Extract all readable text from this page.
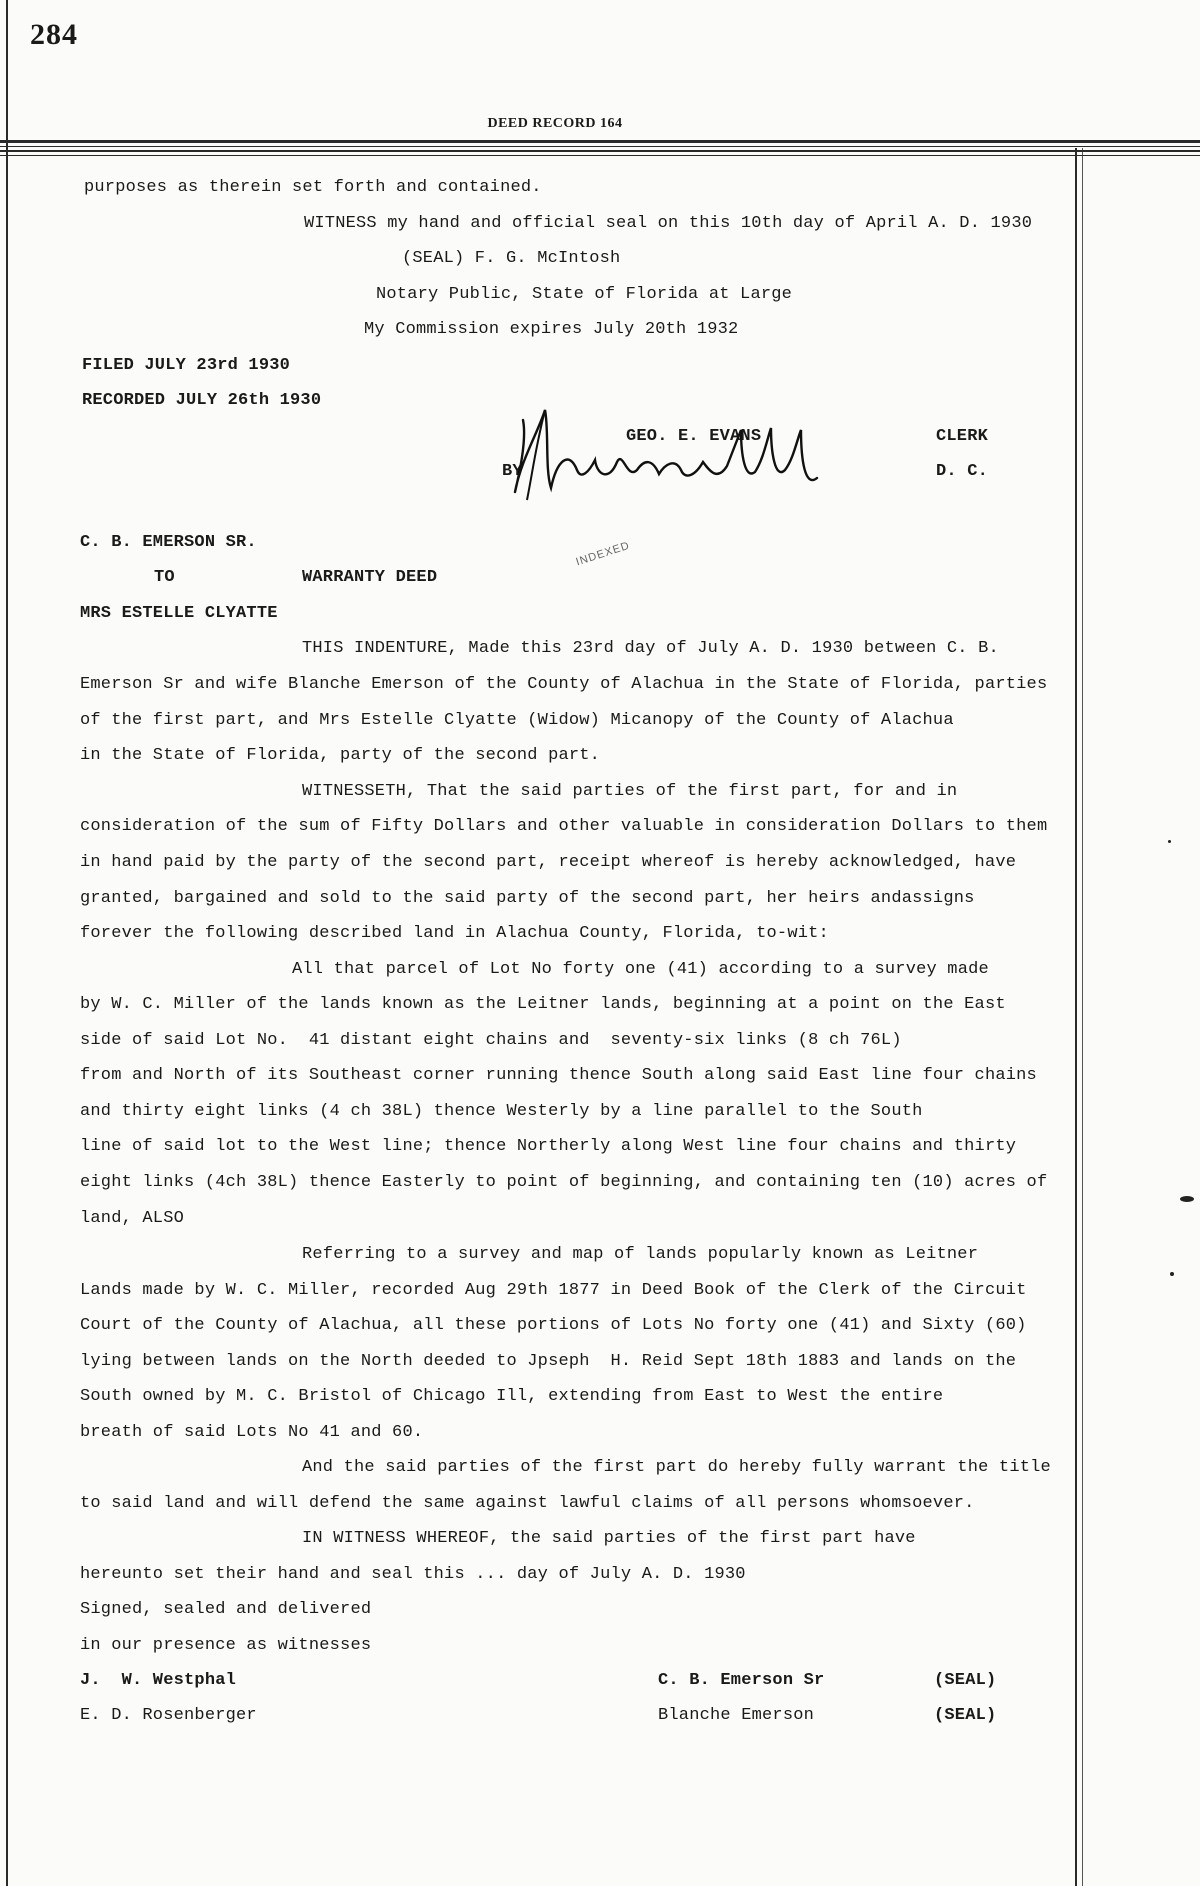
284
DEED RECORD 164
purposes as therein set forth and contained.
WITNESS my hand and official seal on this 10th day of April A. D. 1930
(SEAL) F. G. McIntosh
Notary Public, State of Florida at Large
My Commission expires July 20th 1932
FILED JULY 23rd 1930
RECORDED JULY 26th 1930
GEO. E. EVANS	CLERK
BY	D. C.
C. B. EMERSON SR.
TO	WARRANTY DEED
MRS ESTELLE CLYATTE
INDEXED
THIS INDENTURE, Made this 23rd day of July A. D. 1930 between C. B.
Emerson Sr and wife Blanche Emerson of the County of Alachua in the State of Florida, parties
of the first part, and Mrs Estelle Clyatte (Widow) Micanopy of the County of Alachua
in the State of Florida, party of the second part.
WITNESSETH, That the said parties of the first part, for and in
consideration of the sum of Fifty Dollars and other valuable in consideration Dollars to them
in hand paid by the party of the second part, receipt whereof is hereby acknowledged, have
granted, bargained and sold to the said party of the second part, her heirs andassigns
forever the following described land in Alachua County, Florida, to-wit:
All that parcel of Lot No forty one (41) according to a survey made
by W. C. Miller of the lands known as the Leitner lands, beginning at a point on the East
side of said Lot No.  41 distant eight chains and  seventy-six links (8 ch 76L)
from and North of its Southeast corner running thence South along said East line four chains
and thirty eight links (4 ch 38L) thence Westerly by a line parallel to the South
line of said lot to the West line; thence Northerly along West line four chains and thirty
eight links (4ch 38L) thence Easterly to point of beginning, and containing ten (10) acres of
land, ALSO
Referring to a survey and map of lands popularly known as Leitner
Lands made by W. C. Miller, recorded Aug 29th 1877 in Deed Book of the Clerk of the Circuit
Court of the County of Alachua, all these portions of Lots No forty one (41) and Sixty (60)
lying between lands on the North deeded to Jpseph  H. Reid Sept 18th 1883 and lands on the
South owned by M. C. Bristol of Chicago Ill, extending from East to West the entire
breath of said Lots No 41 and 60.
And the said parties of the first part do hereby fully warrant the title
to said land and will defend the same against lawful claims of all persons whomsoever.
IN WITNESS WHEREOF, the said parties of the first part have
hereunto set their hand and seal this ... day of July A. D. 1930
Signed, sealed and delivered
in our presence as witnesses
J.  W. Westphal	C. B. Emerson Sr	(SEAL)
E. D. Rosenberger	Blanche Emerson	(SEAL)
